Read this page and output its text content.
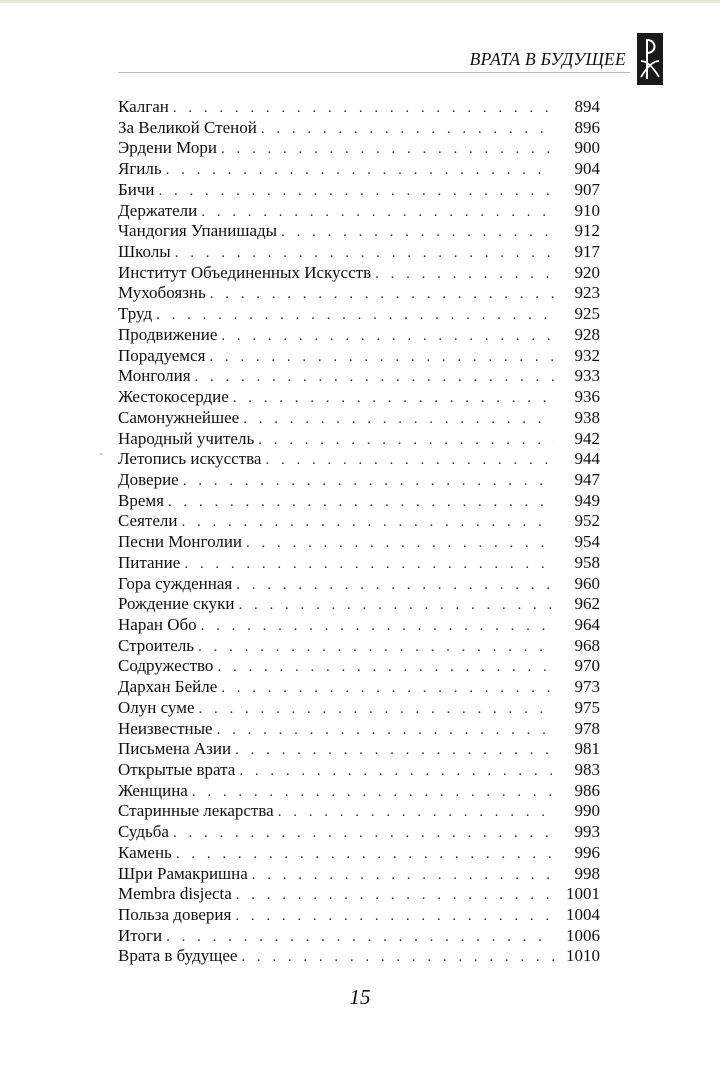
ВРАТА В БУДУЩЕЕ
Калган . . .	894
За Великой Стеной . . .	896
Эрдени Мори . . .	900
Ягиль . . .	904
Бичи . . .	907
Держатели . . .	910
Чандогия Упанишады . . .	912
Школы . . .	917
Институт Объединенных Искусств . . .	920
Мухобоязнь . . .	923
Труд . . .	925
Продвижение . . .	928
Порадуемся . . .	932
Монголия . . .	933
Жестокосердие . . .	936
Самонужнейшее . . .	938
Народный учитель . . .	942
Летопись искусства . . .	944
Доверие . . .	947
Время . . .	949
Сеятели . . .	952
Песни Монголии . . .	954
Питание . . .	958
Гора сужденная . . .	960
Рождение скуки . . .	962
Наран Обо . . .	964
Строитель . . .	968
Содружество . . .	970
Дархан Бейле . . .	973
Олун суме . . .	975
Неизвестные . . .	978
Письмена Азии . . .	981
Открытые врата . . .	983
Женщина . . .	986
Старинные лекарства . . .	990
Судьба . . .	993
Камень . . .	996
Шри Рамакришна . . .	998
Membra disjecta . . .	1001
Польза доверия . . .	1004
Итоги . . .	1006
Врата в будущее . . .	1010
15
